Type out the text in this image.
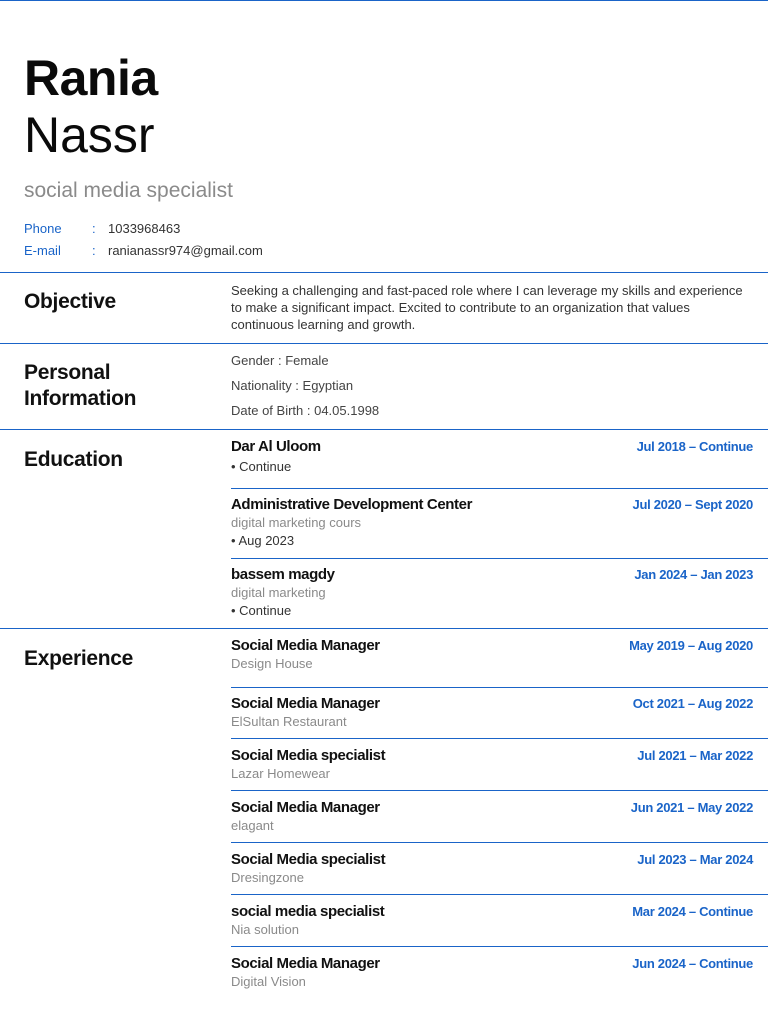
Rania
Nassr
social media specialist
Phone	: 1033968463
E-mail	: ranianassr974@gmail.com
Objective	Seeking a challenging and fast-paced role where I can leverage my skills and experience to make a significant impact. Excited to contribute to an organization that values continuous learning and growth.
Personal
Information
Gender : Female
Nationality : Egyptian
Date of Birth : 04.05.1998
Education
Dar Al Uloom	Jul 2018 – Continue
• Continue
Administrative Development Center	Jul 2020 – Sept 2020
digital marketing cours
• Aug 2023
bassem magdy	Jan 2024 – Jan 2023
digital marketing
• Continue
Experience
Social Media Manager	May 2019 – Aug 2020
Design House
Social Media Manager	Oct 2021 – Aug 2022
ElSultan Restaurant
Social Media specialist	Jul 2021 – Mar 2022
Lazar Homewear
Social Media Manager	Jun 2021 – May 2022
elagant
Social Media specialist	Jul 2023 – Mar 2024
Dresingzone
social media specialist	Mar 2024 – Continue
Nia solution
Social Media Manager	Jun 2024 – Continue
Digital Vision
